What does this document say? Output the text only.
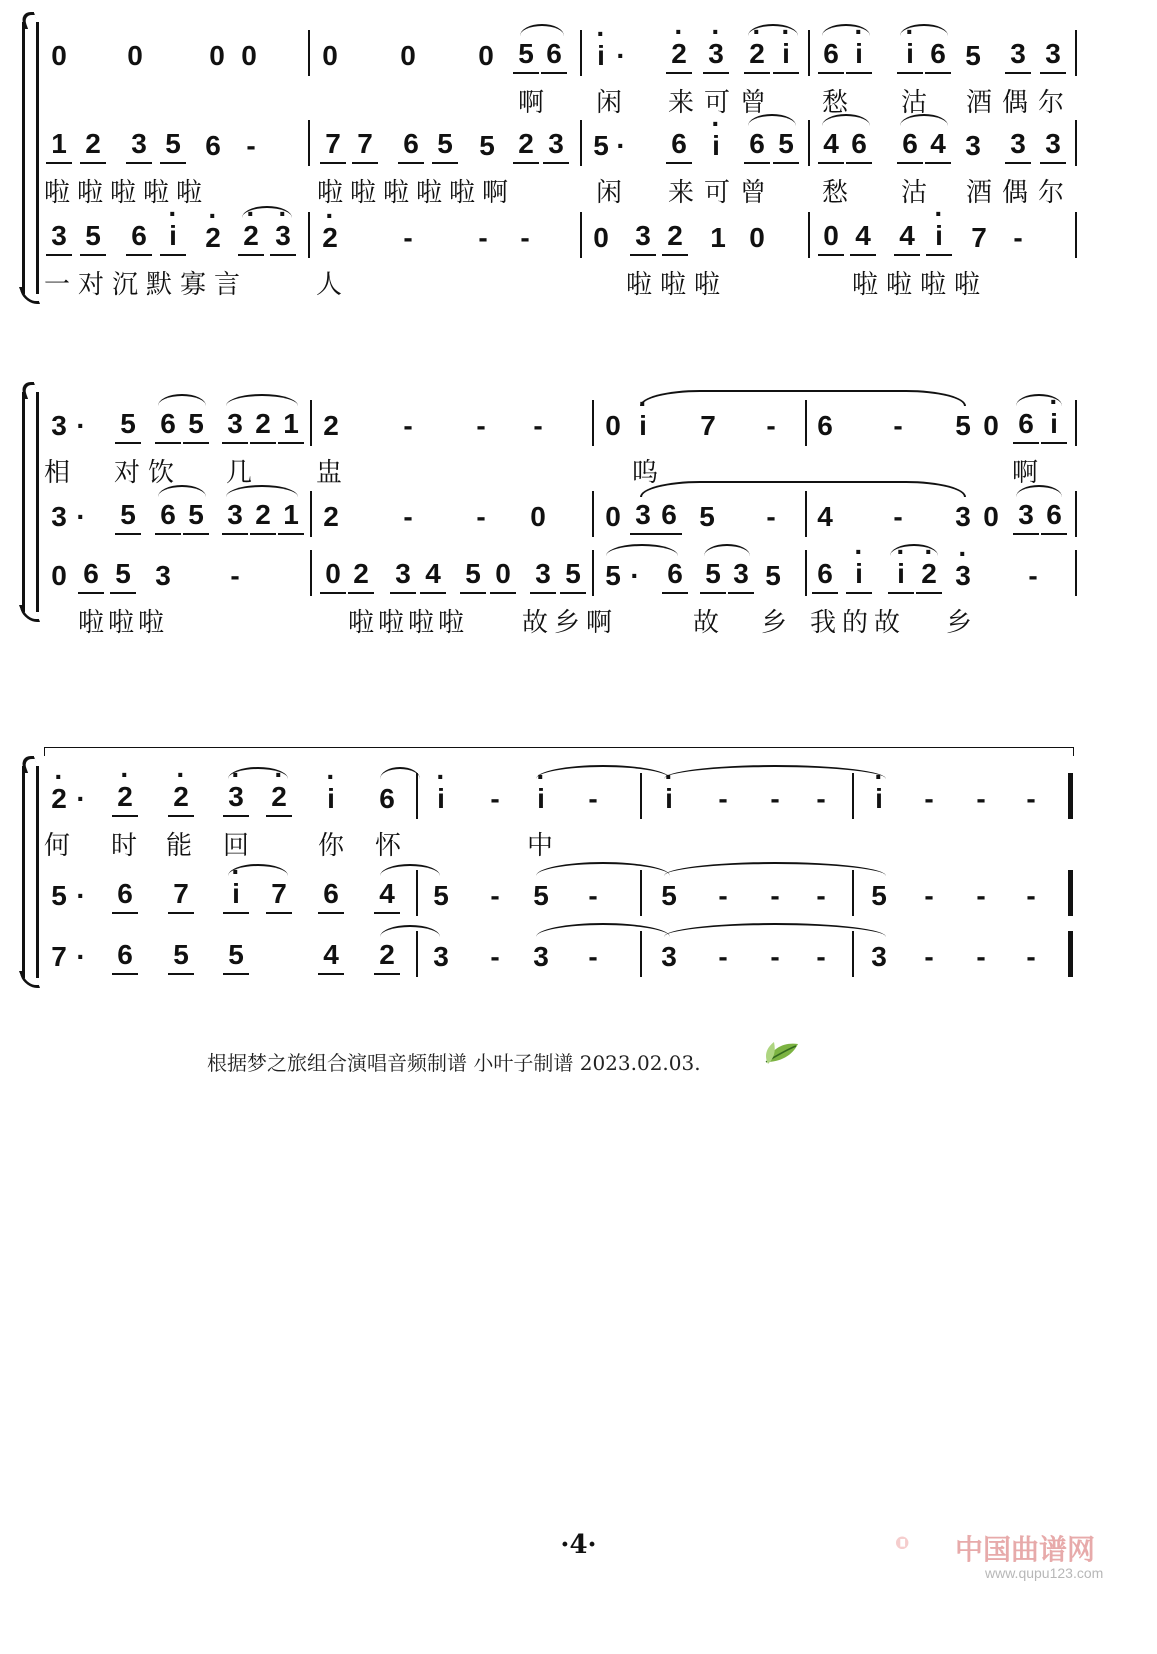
0 0 0 0 0 0 0 5 6	· i · · 2 · 3 · 2 · i	6 · i	· i 6 5 3 3
啊 闲 来可曾 愁 沽 酒偶尔
1 2 3 5 6 - 7 7 6 5 5 2 3 5 · 6 · i	6 5 4 6 6 4 3 3 3
啦啦啦啦啦	啦啦啦啦啦啊	闲 来可曾 愁 沽 酒偶尔
3 5 6 · i	· 2 · 2 · 3 · 2 - - - 0 3 2 1 0 0 4 4 · i	7 -
一对沉默寡言	人	啦啦啦	啦啦啦啦
3 · 5 6 5 3 2 1 2 - - - 0 · i	7 - 6 - 5 0 6 · i
相 对饮 几 盅	呜	啊
3 · 5 6 5 3 2 1 2 - - 0 0 3 6 5 - 4 - 3 0 3 6
0 6 5 3 -	0 2 3 4 5 0 3 5 5 · 6 5 3 5 6 · i	· i · 2 · 3 -
啦啦啦	啦啦啦啦 故乡啊	故 乡 我的故 乡
· 2 · · 2 · 2 · 3 · 2	· i	6	· i	-	· i	-	· i	- - -	· i	- - -
何 时 能 回	你 怀	中
5 · 6 7	· i	7 6 4 5 - 5 - 5 - - - 5 - - -
7 · 6 5 5	4 2 3 - 3 - 3 - - - 3 - - -
根据梦之旅组合演唱音频制谱 小叶子制谱 2023.02.03.
·4·	中国曲谱网
www.qupu123.com
